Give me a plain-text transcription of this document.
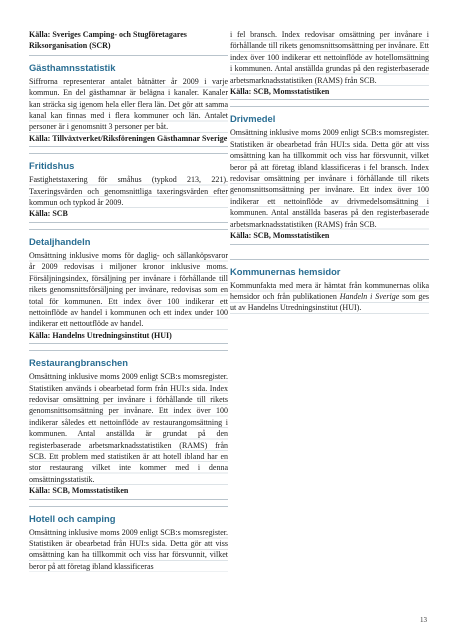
Källa: Sveriges Camping- och Stugföretagares Riksorganisation (SCR)

Gästhamnsstatistik

Siffrorna representerar antalet båtnätter år 2009 i varje kommun. En del gästhamnar är belägna i kanaler. Kanaler kan sträcka sig igenom hela eller flera län. Det gör att samma kanal kan finnas med i flera kommuner och län. Antalet personer är i genomsnitt 3 personer per båt.

Källa: Tillväxtverket/Riksföreningen Gästhamnar Sverige

Fritidshus

Fastighetstaxering för småhus (typkod 213, 221). Taxeringsvärden och genomsnittliga taxeringsvärden efter kommun och typkod år 2009.

Källa: SCB

Detaljhandeln

Omsättning inklusive moms för daglig- och sällanköpsvaror år 2009 redovisas i miljoner kronor inklusive moms. Försäljningsindex, försäljning per invånare i förhållande till rikets genomsnittsförsäljning per invånare, redovisas som en total för kommunen. Ett index över 100 indikerar ett nettoinflöde av handel i kommunen och ett index under 100 indikerar ett nettoutflöde av handel.

Källa: Handelns Utredningsinstitut (HUI)

Restaurangbranschen

Omsättning inklusive moms 2009 enligt SCB:s momsregister. Statistiken används i obearbetad form från HUI:s sida. Index redovisar omsättning per invånare i förhållande till rikets genomsnittsomsättning per invånare. Ett index över 100 indikerar således ett nettoinflöde av restaurangomsättning i kommunen. Antal anställda är grundat på den registerbaserade arbetsmarknadsstatistiken (RAMS) från SCB. Ett problem med statistiken är att hotell ibland har en stor restaurang vilket inte kommer med i denna omsättningsstatistik.

Källa: SCB, Momsstatistiken

Hotell och camping

Omsättning inklusive moms 2009 enligt SCB:s momsregister. Statistiken är obearbetad från HUI:s sida. Detta gör att viss omsättning kan ha tillkommit och viss har försvunnit, vilket beror på att företag ibland klassificeras

i fel bransch. Index redovisar omsättning per invånare i förhållande till rikets genomsnittsomsättning per invånare. Ett index över 100 indikerar ett nettoinflöde av hotellomsättning i kommunen. Antal anställda grundas på den registerbaserade arbetsmarknadsstatistiken (RAMS) från SCB.

Källa: SCB, Momsstatistiken

Drivmedel

Omsättning inklusive moms 2009 enligt SCB:s momsregister. Statistiken är obearbetad från HUI:s sida. Detta gör att viss omsättning kan ha tillkommit och viss har försvunnit, vilket beror på att företag ibland klassificeras i fel bransch. Index redovisar omsättning per invånare i förhållande till rikets genomsnittsomsättning per invånare. Ett index över 100 indikerar ett nettoinflöde av drivmedelsomsättning i kommunen. Antal anställda baseras på den registerbaserade arbetsmarknadsstatistiken (RAMS) från SCB.

Källa: SCB, Momsstatistiken

Kommunernas hemsidor

Kommunfakta med mera är hämtat från kommunernas olika hemsidor och från publikationen Handeln i Sverige som ges ut av Handelns Utredningsinstitut (HUI).

13
